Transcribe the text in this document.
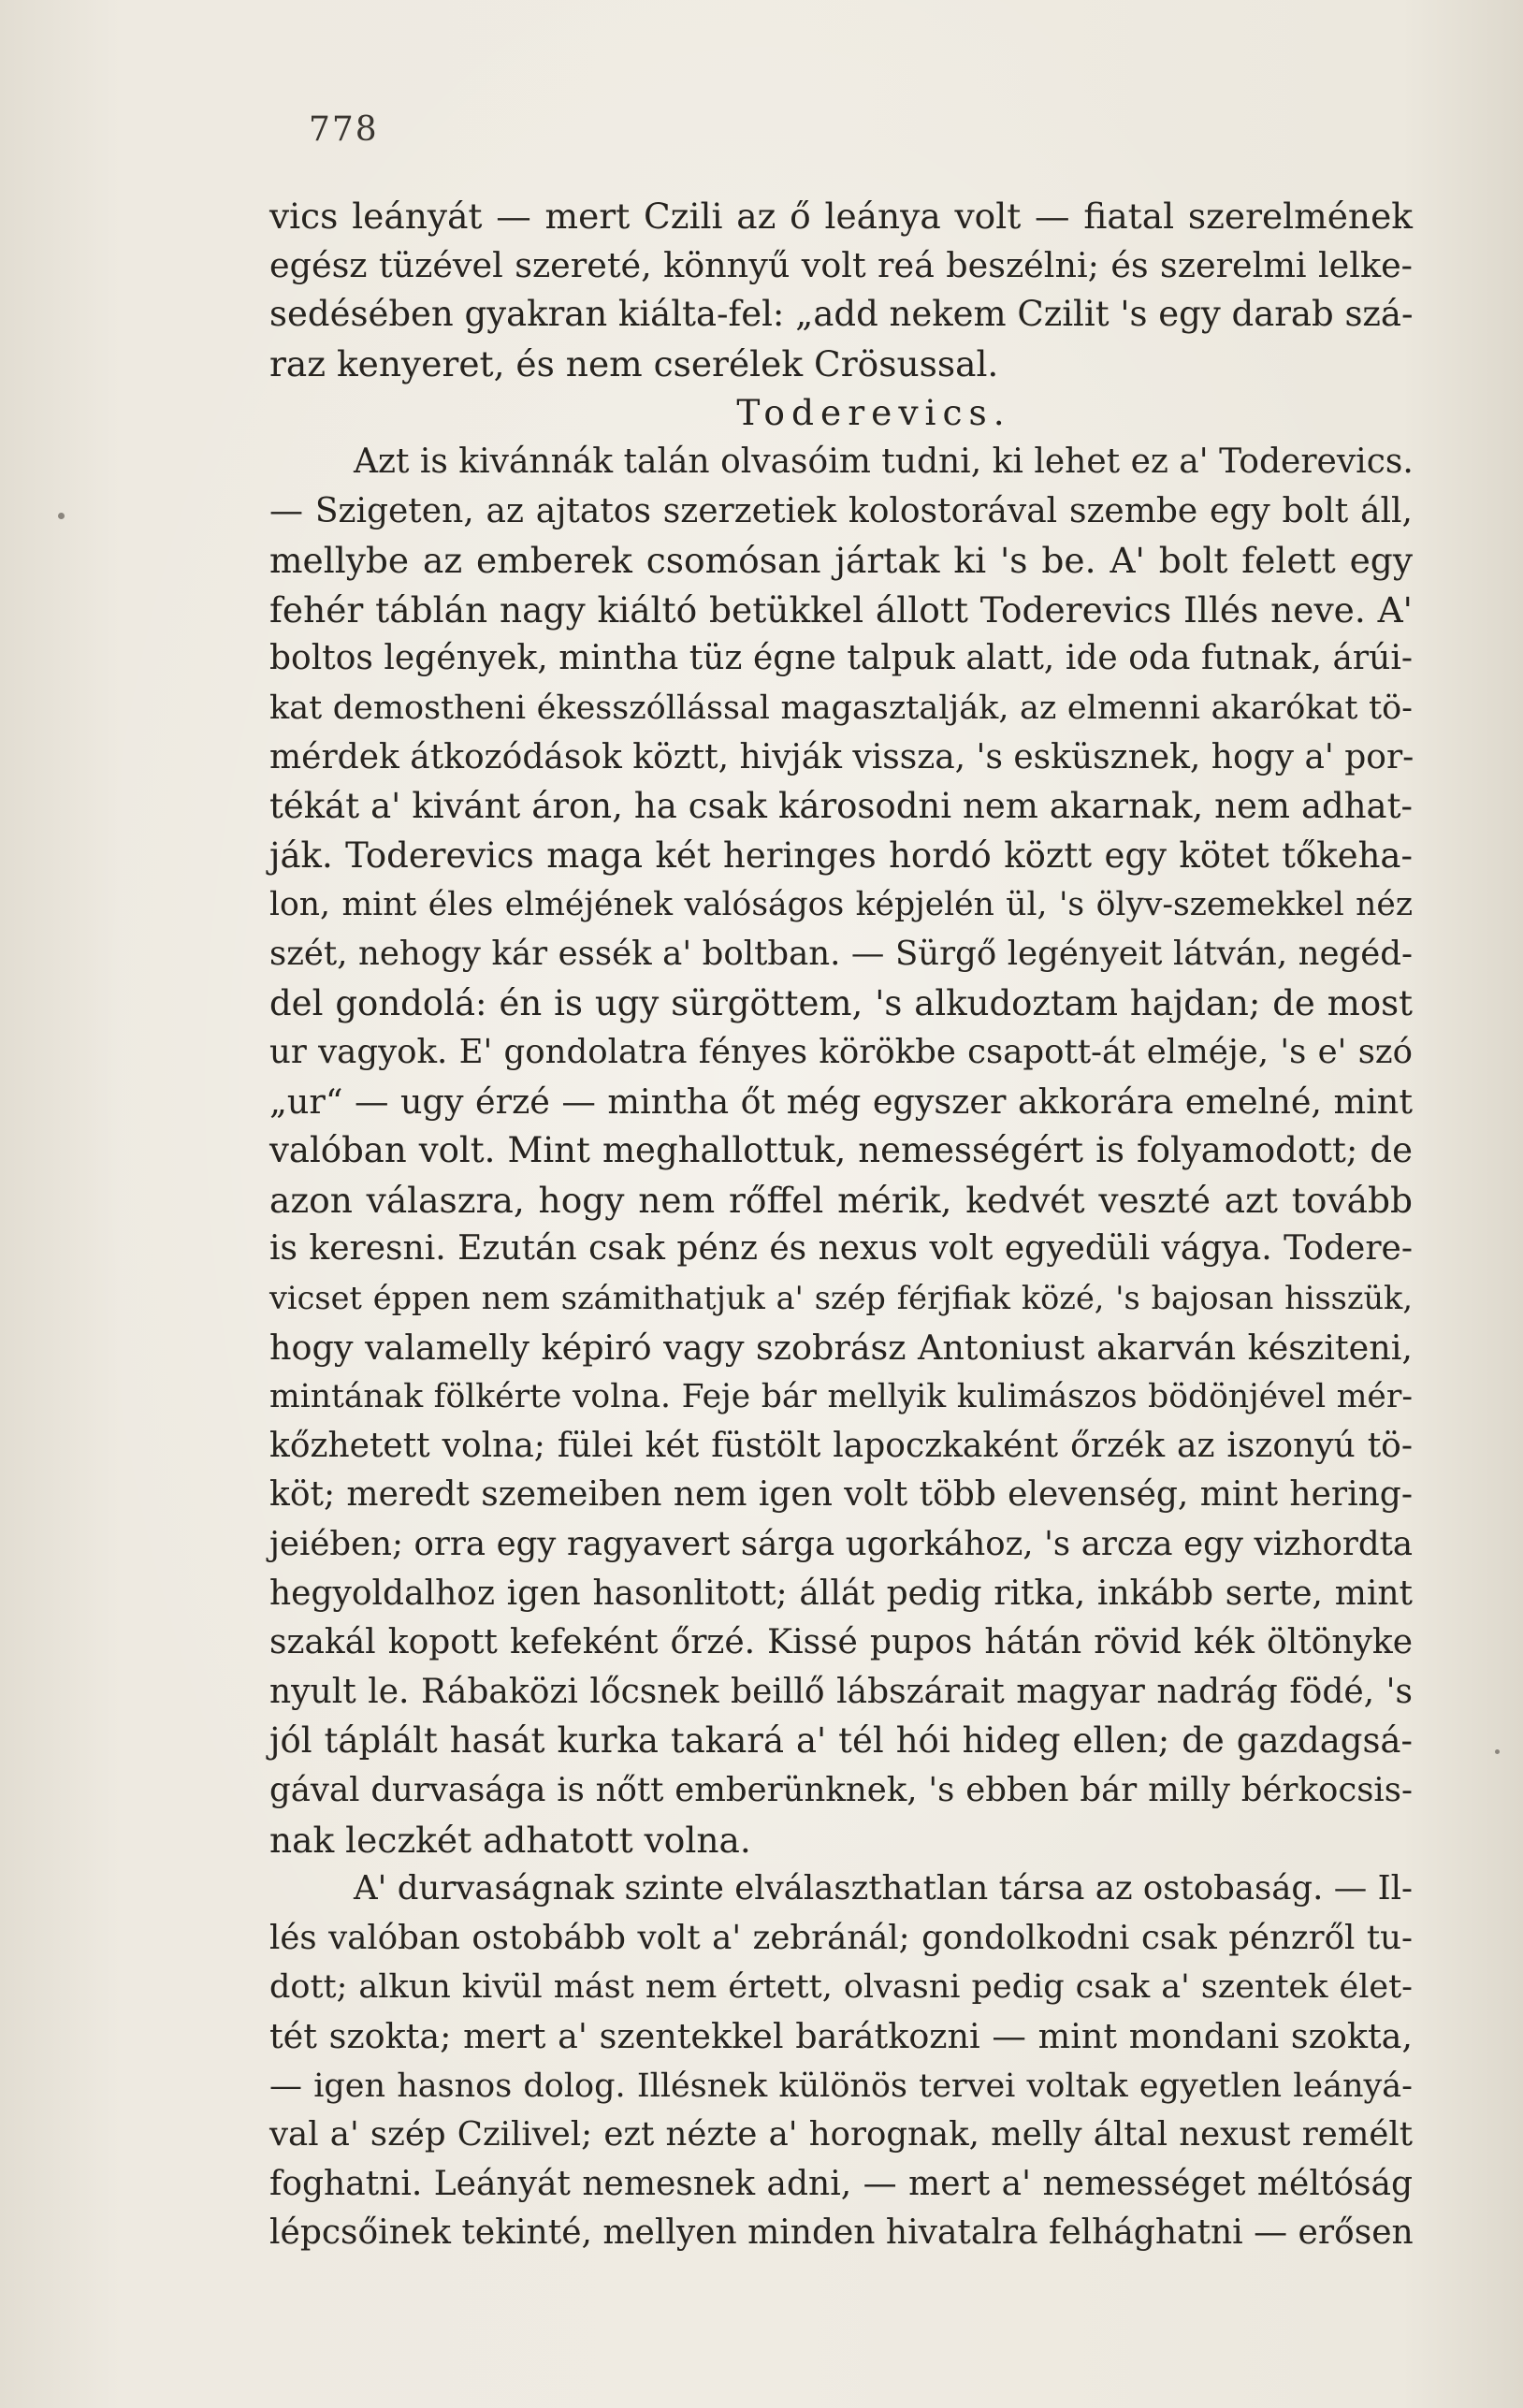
778
vics leányát — mert Czili az ő leánya volt — fiatal szerelmének
egész tüzével szereté, könnyű volt reá beszélni; és szerelmi lelke-
sedésében gyakran kiálta-fel: „add nekem Czilit 's egy darab szá-
raz kenyeret, és nem cserélek Crösussal.
Toderevics.
Azt is kivánnák talán olvasóim tudni, ki lehet ez a' Toderevics.
— Szigeten, az ajtatos szerzetiek kolostorával szembe egy bolt áll,
mellybe az emberek csomósan jártak ki 's be. A' bolt felett egy
fehér táblán nagy kiáltó betükkel állott Toderevics Illés neve. A'
boltos legények, mintha tüz égne talpuk alatt, ide oda futnak, árúi-
kat demostheni ékesszóllással magasztalják, az elmenni akarókat tö-
mérdek átkozódások köztt, hivják vissza, 's esküsznek, hogy a' por-
tékát a' kivánt áron, ha csak károsodni nem akarnak, nem adhat-
ják. Toderevics maga két heringes hordó köztt egy kötet tőkeha-
lon, mint éles elméjének valóságos képjelén ül, 's ölyv-szemekkel néz
szét, nehogy kár essék a' boltban. — Sürgő legényeit látván, negéd-
del gondolá: én is ugy sürgöttem, 's alkudoztam hajdan; de most
ur vagyok. E' gondolatra fényes körökbe csapott-át elméje, 's e' szó
„ur“ — ugy érzé — mintha őt még egyszer akkorára emelné, mint
valóban volt. Mint meghallottuk, nemességért is folyamodott; de
azon válaszra, hogy nem rőffel mérik, kedvét veszté azt tovább
is keresni. Ezután csak pénz és nexus volt egyedüli vágya. Todere-
vicset éppen nem számithatjuk a' szép férjfiak közé, 's bajosan hisszük,
hogy valamelly képiró vagy szobrász Antoniust akarván késziteni,
mintának fölkérte volna. Feje bár mellyik kulimászos bödönjével mér-
kőzhetett volna; fülei két füstölt lapoczkaként őrzék az iszonyú tö-
köt; meredt szemeiben nem igen volt több elevenség, mint hering-
jeiében; orra egy ragyavert sárga ugorkához, 's arcza egy vizhordta
hegyoldalhoz igen hasonlitott; állát pedig ritka, inkább serte, mint
szakál kopott kefeként őrzé. Kissé pupos hátán rövid kék öltönyke
nyult le. Rábaközi lőcsnek beillő lábszárait magyar nadrág födé, 's
jól táplált hasát kurka takará a' tél hói hideg ellen; de gazdagsá-
gával durvasága is nőtt emberünknek, 's ebben bár milly bérkocsis-
nak leczkét adhatott volna.
A' durvaságnak szinte elválaszthatlan társa az ostobaság. — Il-
lés valóban ostobább volt a' zebránál; gondolkodni csak pénzről tu-
dott; alkun kivül mást nem értett, olvasni pedig csak a' szentek élet-
tét szokta; mert a' szentekkel barátkozni — mint mondani szokta,
— igen hasnos dolog. Illésnek különös tervei voltak egyetlen leányá-
val a' szép Czilivel; ezt nézte a' horognak, melly által nexust remélt
foghatni. Leányát nemesnek adni, — mert a' nemességet méltóság
lépcsőinek tekinté, mellyen minden hivatalra felhághatni — erősen
